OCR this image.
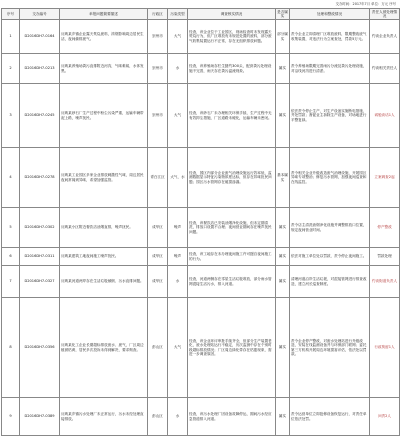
交办时间：2017年7月 单位：万元 序号
序号	交办编号	举报问题简要描述	行政区	污染类型	调查核实情况	是否属实	处理和整改情况	责任人被处理情况
1	D2016DH7-0164	反映某乡镇企业露天焚烧废料，浓烟影响周边居民生活，夜间偷排废气。	崇州市	大气	经查，该企业位于工业园区，现场检查时未发现露天焚烧行为，但厂区堆放有未规范处置的废料，部分废气收集装置运行不正常，存在无组织排放问题。	部分属实	责令企业立即清理厂区堆放废料，限期整改废气收集装置，对违法行为立案查处，罚款5万元。	约谈企业负责人
2	D2016DH7-0213	反映某养殖场粪污直排附近河沟，气味难闻，水体发黑。	崇州市	水	经查，该养殖场存栏生猪约300头，配套粪污处理设施不完善，雨天存在粪污溢流现象。	属实	责令养殖场限期完善雨污分流及粪污处理设施，对沿线河沟进行清淤。	约谈相关责任人
3	D2016DH7-0245	反映某砂石厂生产过程中粉尘污染严重，运输车辆带泥上路，噪声扰民。	崇州市	大气	经查，该砂石厂未办理相关环保手续，生产过程中无有效抑尘措施，厂区道路未硬化，运输车辆未密闭。	属实	依法责令停止生产，对生产设备实施断电措施，并处罚款；督促业主拆除生产设备，对场地进行平整复绿。	诫勉谈话1人
4	D2016DH7-0278	反映某工业园区多家企业排放刺激性气味，周边居民夜间常闻到异味，希望加强监管。	青白江区	大气、水	经查，园区内部分企业废气治理设施运行效率低，监测数据显示特征污染物浓度达标，但存在异味扰民问题；园区污水管网存在破损渗漏。	基本属实	责令相关企业升级改造废气治理设施，开展园区异味专项整治；修复污水管网，加强夜间巡查和在线监控。	立案调查2起
5	D2016DH7-0302	反映某小区附近餐饮店油烟直排，噪声扰民。	成华区	噪声	经查，该餐饮店已安装油烟净化设施，但未定期清洗，排放口设置不合理；夜间营业期间存在噪声扰民问题。	属实	责令店主清洗油烟净化设施并调整排放口位置，规定夜间营业时间。	停产整改
6	D2016DH7-0311	反映某建筑工地夜间施工噪声扰民。	成华区	噪声	经查，该工地存在未办理夜间施工许可擅自夜间施工的行为。	属实	依法对施工单位处以罚款，责令停止夜间施工。	罚款处理
7	D2016DH7-0327	反映某河道两岸存在生活垃圾倾倒、污水直排问题。	成华区	水	经查，河道两侧存在零星生活垃圾堆放，部分雨水管网混接生活污水，排入河道。	属实	清理河道沿岸生活垃圾，对混接管网进行排查改造，建立河长巡查制度。	约谈街道负责人
8	D2016DH7-0356	反映某化工企业长期超标排放废水、废气，厂区周边植被枯黄，居民多次投诉未得到解决，要求彻查。	彭山区	大气	经查，该企业环评审批手续齐全，但部分生产装置老化，废水处理站运行不稳定，历次监测中存在个别时段超标排放情况；厂区周边绿化带存在枯萎现象，需进一步调查原因。	属实	责令企业停产整改，对废水处理站进行升级改造，安装在线监测设备并与环保部门联网；委托第三方机构开展周边环境损害评估，依法处以罚款。	行政拘留1人
9	D2016DH7-0389	反映某乡镇污水处理厂未正常运行，污水未经处理直接排放。	彭山区	水	经查，该污水处理厂因设备故障停运，期间污水经应急管道排入河道。	属实	责令运营单位立即抢修设备恢复运行，对责任单位依法处罚。	问责2人
